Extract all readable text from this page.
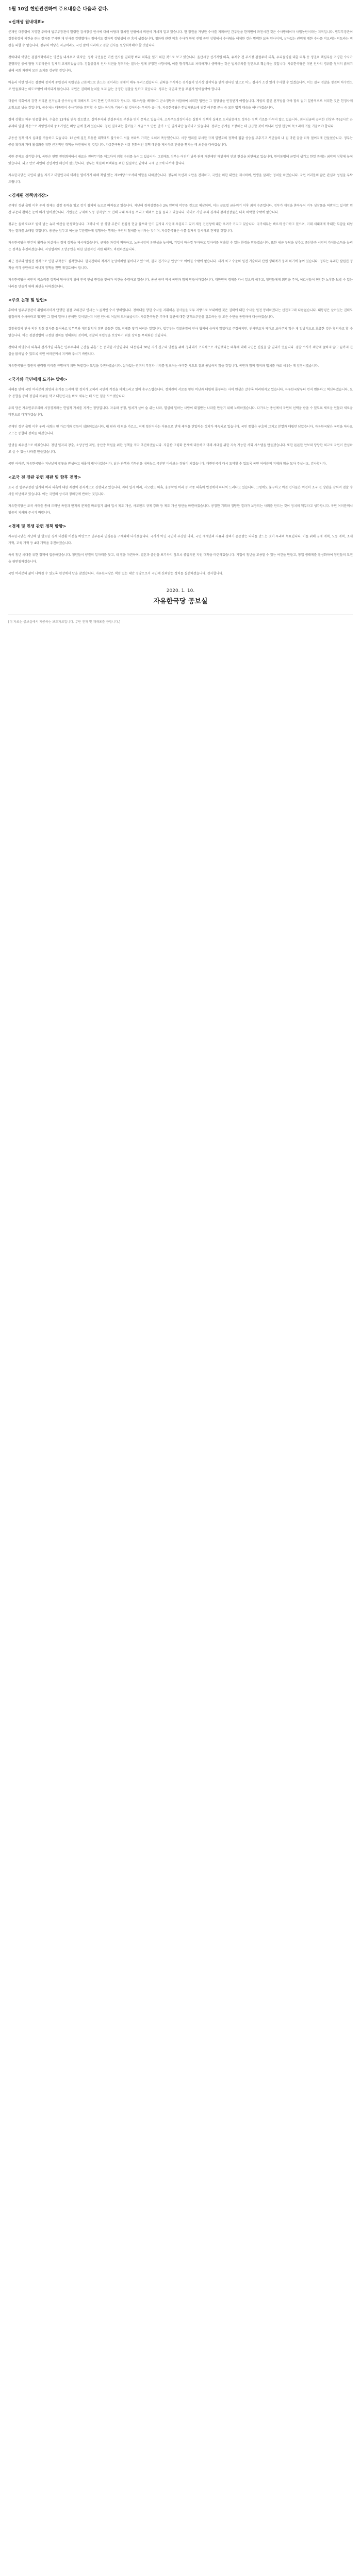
1월 10일 현안관련하여 주요내용은 다음과 같다.

<신재생 원내대표>

문재인 대통령이 지명한 추미애 법무부장관이 발령한 검사장급 인사에 대해 야당과 정치권 안팎에서 비판이 거세게 일고 있습니다. 현 정권을 겨냥한 수사를 지휘하던 간부들을 한꺼번에 좌천시킨 것은 수사방해이자 사법농단이라는 지적입니다. 법무부장관이 검찰총장의 의견을 듣는 절차를 무시한 채 인사를 강행했다는 점에서도 절차적 정당성에 큰 흠이 생겼습니다. 청와대 관련 의혹 수사가 한창 진행 중인 상황에서 수사팀을 해체한 것은 명백한 보복 인사이며, 살아있는 권력에 대한 수사를 막으려는 의도라는 비판을 피할 수 없습니다. 정부와 여당은 지금이라도 국민 앞에 사과하고 검찰 인사를 원상회복해야 할 것입니다.

청와대와 여당은 검찰개혁이라는 명분을 내세우고 있지만, 정작 국민들은 이번 인사를 권력형 비리 의혹을 덮기 위한 것으로 보고 있습니다. 울산시장 선거개입 의혹, 유재수 전 부시장 감찰무마 의혹, 우리들병원 대출 의혹 등 정권의 핵심부를 겨냥한 수사가 진행되던 중에 담당 지휘라인이 일제히 교체되었습니다. 검찰총장의 인사 의견을 청취하는 절차는 법에 규정된 사항이며, 이를 형식적으로 처리하거나 생략하는 것은 법치주의를 정면으로 훼손하는 것입니다. 자유한국당은 이번 인사의 경위를 철저히 밝히기 위해 국회 차원의 모든 조치를 강구할 것입니다.

아울러 이번 인사는 검찰의 정치적 중립성과 독립성을 근본적으로 흔드는 것이라는 점에서 매우 우려스럽습니다. 권력을 수사하는 검사들이 인사상 불이익을 받게 된다면 앞으로 어느 검사가 소신 있게 수사할 수 있겠습니까. 이는 결국 검찰을 정권의 하수인으로 만들겠다는 의도로밖에 해석되지 않습니다. 국민은 권력의 눈치를 보지 않는 공정한 검찰을 원하고 있습니다. 정부는 국민의 뜻을 무겁게 받아들여야 합니다.

더불어 국회에서 강행 처리된 선거법과 공수처법에 대해서도 다시 한번 강조하고자 합니다. 제1야당을 배제하고 군소정당과 야합하여 처리한 법안은 그 정당성을 인정받기 어렵습니다. 게임의 룰인 선거법을 여야 합의 없이 일방적으로 처리한 것은 헌정사에 오점으로 남을 것입니다. 공수처는 대통령이 수사기관을 장악할 수 있는 옥상옥 기구가 될 것이라는 우려가 큽니다. 자유한국당은 헌법재판소에 위헌 여부를 묻는 등 모든 법적 대응을 해나가겠습니다.

경제 상황도 매우 엄중합니다. 수출은 13개월 연속 감소했고, 설비투자와 건설투자도 부진을 면치 못하고 있습니다. 소득주도성장이라는 실험적 정책이 실패로 드러났음에도 정부는 정책 기조를 바꾸지 않고 있습니다. 최저임금의 급격한 인상과 주52시간 근무제의 일괄 적용으로 자영업자와 중소기업은 벼랑 끝에 몰려 있습니다. 청년 일자리는 줄어들고 세금으로 만든 단기 노인 일자리만 늘어나고 있습니다. 정부는 통계를 포장하는 데 급급할 것이 아니라 민생 현장의 목소리에 귀를 기울여야 합니다.

부동산 정책 역시 실패를 거듭하고 있습니다. 18번에 걸친 부동산 대책에도 불구하고 서울 아파트 가격은 오히려 폭등했습니다. 시장 원리를 무시한 규제 일변도의 정책이 집값 상승을 부추기고 서민들의 내 집 마련 꿈을 더욱 멀어지게 만들었습니다. 정부는 공급 확대와 거래 활성화를 위한 근본적인 대책을 마련해야 할 것입니다. 자유한국당은 시장 친화적인 정책 대안을 제시하고 민생을 챙기는 데 최선을 다하겠습니다.

북한 문제도 심각합니다. 북한은 연말 전원회의에서 새로운 전략무기를 예고하며 위협 수위를 높이고 있습니다. 그럼에도 정부는 여전히 남북 관계 개선에만 매달리며 안보 현실을 외면하고 있습니다. 한미동맹에 균열이 생기고 한일 관계는 최악의 상황에 놓여 있습니다. 외교 안보 라인의 전면적인 쇄신이 필요합니다. 정부는 북한의 비핵화를 위한 실질적인 압박과 국제 공조에 나서야 합니다.

자유한국당은 국민의 삶을 지키고 대한민국의 미래를 열어가기 위해 책임 있는 제1야당으로서의 역할을 다하겠습니다. 정부의 독선과 오만을 견제하고, 국민을 위한 대안을 제시하며, 민생을 살리는 정치를 하겠습니다. 국민 여러분의 많은 관심과 성원을 부탁드립니다.

<김재원 정책위의장>

문재인 정권 출범 이후 우리 경제는 성장 동력을 잃고 장기 침체의 늪으로 빠져들고 있습니다. 지난해 경제성장률은 2% 안팎에 머무를 것으로 예상되며, 이는 글로벌 금융위기 이후 최저 수준입니다. 정부가 재정을 쏟아부어 겨우 성장률을 떠받치고 있지만 민간 부문의 활력은 눈에 띄게 떨어졌습니다. 기업들은 규제와 노동 경직성으로 인해 국내 투자를 꺼리고 해외로 눈을 돌리고 있습니다. 이대로 가면 우리 경제의 잠재성장률은 더욱 하락할 수밖에 없습니다.

정부는 올해 512조 원이 넘는 슈퍼 예산을 편성했습니다. 그러나 이 중 상당 부분이 선심성 현금 살포와 단기 일자리 사업에 투입되고 있어 재정 건전성에 대한 우려가 커지고 있습니다. 국가채무는 빠르게 증가하고 있으며, 미래 세대에게 막대한 부담을 떠넘기는 결과를 초래할 것입니다. 총선을 앞두고 예산을 무분별하게 집행하는 행태는 국민의 혈세를 낭비하는 것이며, 자유한국당은 이를 철저히 감시하고 견제할 것입니다.

자유한국당은 민간의 활력을 되살리는 경제 정책을 제시하겠습니다. 규제를 과감히 혁파하고, 노동시장의 유연성을 높이며, 기업이 마음껏 투자하고 일자리를 창출할 수 있는 환경을 만들겠습니다. 또한 세금 부담을 낮추고 중산층과 서민의 가처분소득을 늘리는 정책을 추진하겠습니다. 자영업자와 소상공인을 위한 실질적인 지원 대책도 마련하겠습니다.

최근 정부의 탈원전 정책으로 인한 부작용도 심각합니다. 한국전력의 적자가 눈덩이처럼 불어나고 있으며, 결국 전기요금 인상으로 이어질 수밖에 없습니다. 세계 최고 수준의 원전 기술력과 산업 생태계가 붕괴 위기에 놓여 있습니다. 정부는 무리한 탈원전 정책을 즉각 중단하고 에너지 정책을 전면 재검토해야 합니다.

자유한국당은 국민의 목소리를 정책에 담아내기 위해 전국 민생 현장을 찾아가 의견을 수렴하고 있습니다. 총선 공약 역시 국민과 함께 만들어가겠습니다. 대한민국 경제를 다시 일으켜 세우고, 청년들에게 희망을 주며, 어르신들이 편안한 노후를 보낼 수 있는 나라를 만들기 위해 최선을 다하겠습니다.

<주요 논평 및 발언>

추미애 법무부장관이 취임하자마자 단행한 검찰 고위간부 인사는 노골적인 수사 방해입니다. 청와대를 향한 수사를 지휘해온 검사들을 모두 지방으로 보내버린 것은 권력에 대한 수사를 원천 봉쇄하겠다는 선전포고와 다름없습니다. 대통령은 살아있는 권력도 엄정하게 수사하라고 했지만 그 말이 얼마나 공허한 것이었는지 이번 인사로 여실히 드러났습니다. 자유한국당은 추미애 장관에 대한 탄핵소추안을 검토하는 등 모든 수단을 동원하여 대응하겠습니다.

검찰총장의 인사 의견 청취 절차를 둘러싸고 법무부와 대검찰청이 정면 충돌한 것도 전례를 찾기 어려운 일입니다. 법무부는 검찰총장이 인사 협의에 응하지 않았다고 주장하지만, 인사안조차 제대로 보여주지 않은 채 일방적으로 호출한 것은 협의라고 할 수 없습니다. 이는 검찰청법이 규정한 절차를 형해화한 것이며, 검찰의 독립성을 보장하기 위한 장치를 무력화한 것입니다.

청와대 하명수사 의혹과 선거개입 의혹은 민주주의의 근간을 뒤흔드는 중대한 사안입니다. 대통령의 30년 지기 친구의 당선을 위해 청와대가 조직적으로 개입했다는 의혹에 대해 국민은 진실을 알 권리가 있습니다. 검찰 수사가 외압에 굴하지 않고 끝까지 진실을 밝혀낼 수 있도록 국민 여러분께서 지켜봐 주시기 바랍니다.

자유한국당은 정권의 권력형 비리를 규명하기 위한 특별검사 도입을 추진하겠습니다. 살아있는 권력의 부정과 비리를 덮으려는 어떠한 시도도 결코 용납하지 않을 것입니다. 국민과 함께 정의와 법치를 바로 세우는 데 앞장서겠습니다.

<국가와 국민에게 드리는 말씀>

새해를 맞아 국민 여러분께 희망과 용기를 드려야 할 정치가 오히려 국민께 걱정을 끼쳐드리고 있어 송구스럽습니다. 정치권이 서로를 향한 비난과 대립에 몰두하는 사이 민생은 갈수록 어려워지고 있습니다. 자유한국당부터 먼저 변화하고 혁신하겠습니다. 보수 통합을 통해 정권의 폭주를 막고 대한민국을 바로 세우는 데 모든 힘을 모으겠습니다.

우리 당은 자유민주주의와 시장경제라는 헌법적 가치를 지키는 정당입니다. 자유와 공정, 법치가 살아 숨 쉬는 나라, 열심히 일하는 사람이 대접받는 나라를 만들기 위해 노력하겠습니다. 다가오는 총선에서 국민의 선택을 받을 수 있도록 새로운 인물과 새로운 비전으로 다가가겠습니다.

문재인 정부 출범 이후 우리 사회는 편 가르기와 갈등이 심화되었습니다. 내 편과 네 편을 가르고, 적폐 청산이라는 이름으로 반대 세력을 탄압하는 정치가 계속되고 있습니다. 국민 통합은 구호에 그치고 분열과 대립만 남았습니다. 자유한국당은 국민을 하나로 모으는 통합의 정치를 하겠습니다.

민생을 최우선으로 하겠습니다. 청년 일자리 창출, 소상공인 지원, 중산층 복원을 위한 정책을 적극 추진하겠습니다. 저출산 고령화 문제에 대응하고 미래 세대를 위한 지속 가능한 사회 시스템을 만들겠습니다. 또한 튼튼한 안보와 당당한 외교로 국민이 안심하고 살 수 있는 나라를 만들겠습니다.

국민 여러분, 자유한국당은 지난날의 잘못을 반성하고 새롭게 태어나겠습니다. 낡은 관행과 기득권을 내려놓고 국민만 바라보는 정당이 되겠습니다. 대한민국이 다시 도약할 수 있도록 국민 여러분의 지혜와 힘을 모아 주십시오. 감사합니다.

<조국 전 장관 관련 재판 및 향후 전망>

조국 전 법무부장관 일가의 비리 의혹에 대한 재판이 본격적으로 진행되고 있습니다. 자녀 입시 비리, 사모펀드 의혹, 웅동학원 비리 등 각종 의혹이 법정에서 하나씩 드러나고 있습니다. 그럼에도 불구하고 여권 인사들은 여전히 조국 전 장관을 감싸며 검찰 수사를 비난하고 있습니다. 이는 국민의 상식과 정의감에 반하는 것입니다.

자유한국당은 조국 사태를 통해 드러난 특권과 반칙의 문제를 바로잡기 위해 입시 제도 개선, 사모펀드 규제 강화 등 제도 개선 방안을 마련하겠습니다. 공정한 기회와 정당한 결과가 보장되는 사회를 만드는 것이 정치의 책무라고 생각합니다. 국민 여러분께서 엄중히 지켜봐 주시기 바랍니다.

<경제 및 민생 관련 정책 방향>

자유한국당은 지난해 말 발표한 경제 대전환 비전을 바탕으로 민부론과 민평론을 구체화해 나가겠습니다. 국가가 아닌 국민이 부강한 나라, 국민 개개인의 자유와 창의가 존중받는 나라를 만드는 것이 우리의 목표입니다. 이를 위해 규제 개혁, 노동 개혁, 조세 개혁, 교육 개혁 등 4대 개혁을 추진하겠습니다.

특히 청년 세대를 위한 정책에 집중하겠습니다. 청년들이 양질의 일자리를 찾고, 내 집을 마련하며, 결혼과 출산을 포기하지 않도록 종합적인 지원 대책을 마련하겠습니다. 기업이 청년을 고용할 수 있는 여건을 만들고, 창업 생태계를 활성화하여 청년들의 도전을 뒷받침하겠습니다.

국민 여러분의 삶이 나아질 수 있도록 현장에서 답을 찾겠습니다. 자유한국당은 책임 있는 대안 정당으로서 국민께 신뢰받는 정치를 실천하겠습니다. 감사합니다.

2020. 1. 10.
자유한국당 공보실
[이 자료는 공보실에서 제공하는 보도자료입니다. 무단 전재 및 재배포를 금합니다.]
